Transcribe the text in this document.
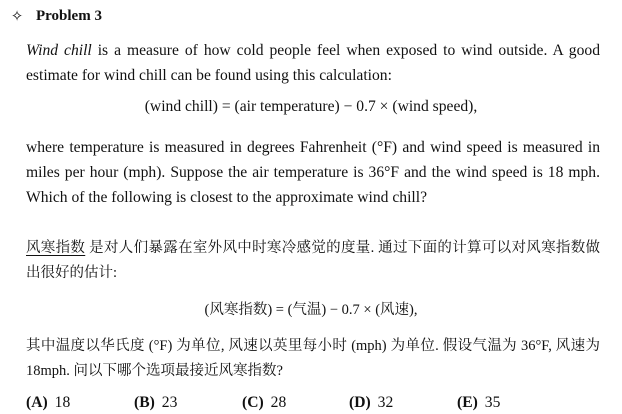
✧ Problem 3

Wind chill is a measure of how cold people feel when exposed to wind outside. A good estimate for wind chill can be found using this calculation:

(wind chill) = (air temperature) − 0.7 × (wind speed),

where temperature is measured in degrees Fahrenheit (°F) and wind speed is measured in miles per hour (mph). Suppose the air temperature is 36°F and the wind speed is 18 mph. Which of the following is closest to the approximate wind chill?

风寒指数 是对人们暴露在室外风中时寒冷感觉的度量. 通过下面的计算可以对风寒指数做出很好的估计:

(风寒指数) = (气温) − 0.7 × (风速),

其中温度以华氏度 (°F) 为单位, 风速以英里每小时 (mph) 为单位. 假设气温为 36°F, 风速为 18mph. 问以下哪个选项最接近风寒指数?

(A) 18	(B) 23	(C) 28	(D) 32	(E) 35
